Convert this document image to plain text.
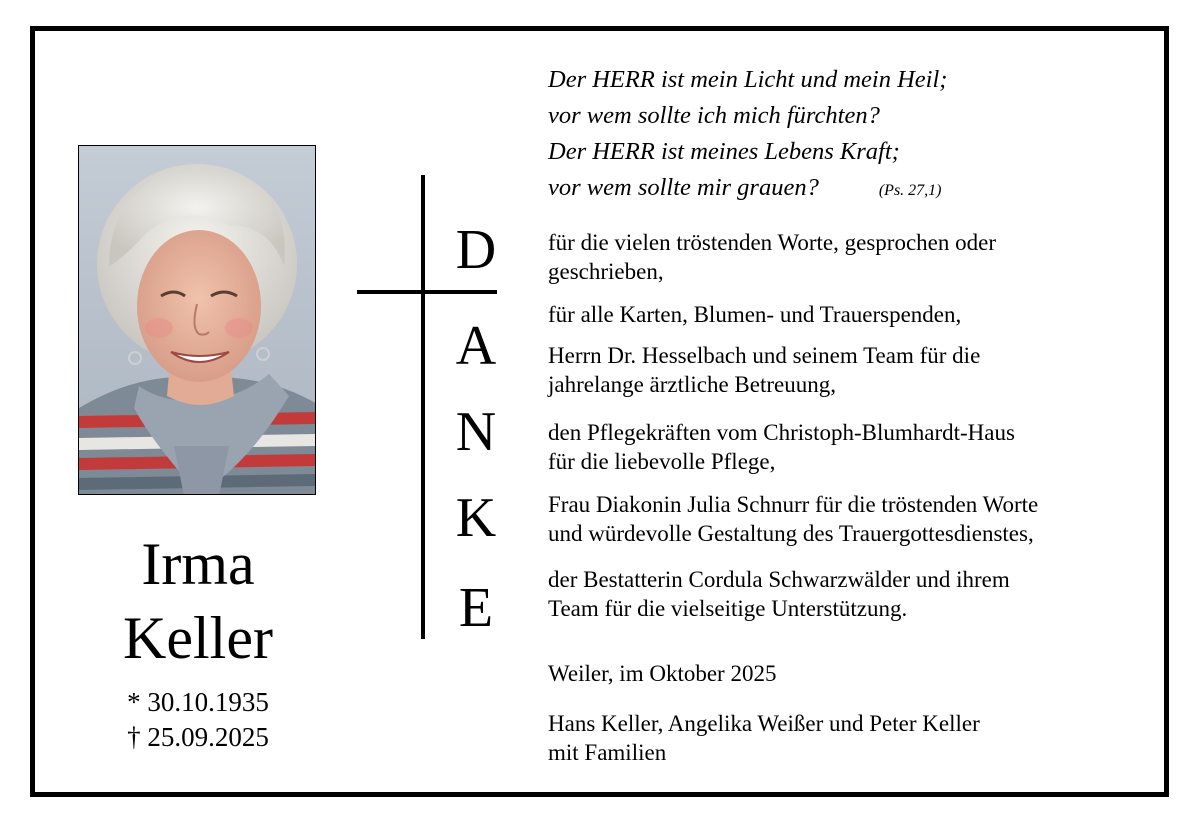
Irma
Keller
* 30.10.1935
† 25.09.2025
D
A
N
K
E
Der HERR ist mein Licht und mein Heil;
vor wem sollte ich mich fürchten?
Der HERR ist meines Lebens Kraft;
vor wem sollte mir grauen?	(Ps. 27,1)
für die vielen tröstenden Worte, gesprochen oder
geschrieben,
für alle Karten, Blumen- und Trauerspenden,
Herrn Dr. Hesselbach und seinem Team für die
jahrelange ärztliche Betreuung,
den Pflegekräften vom Christoph-Blumhardt-Haus
für die liebevolle Pflege,
Frau Diakonin Julia Schnurr für die tröstenden Worte
und würdevolle Gestaltung des Trauergottesdienstes,
der Bestatterin Cordula Schwarzwälder und ihrem
Team für die vielseitige Unterstützung.
Weiler, im Oktober 2025
Hans Keller, Angelika Weißer und Peter Keller
mit Familien
